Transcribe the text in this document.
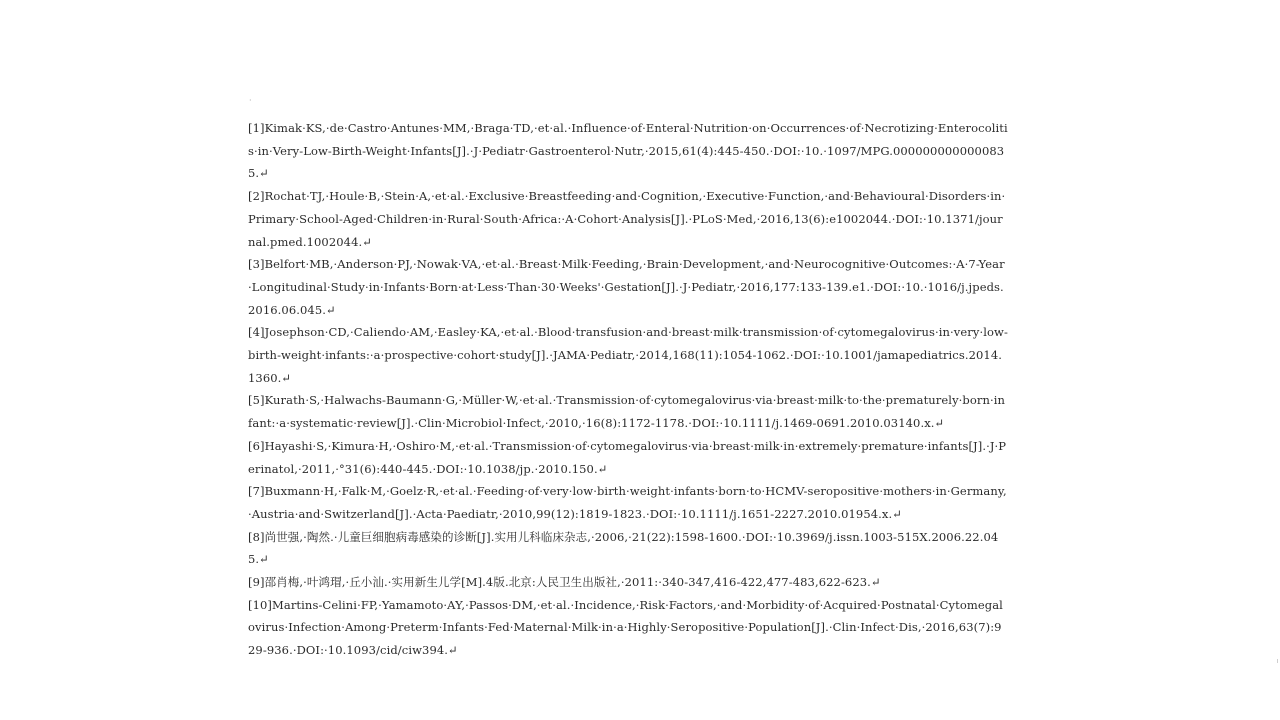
·
[1]Kimak·KS,·de·Castro·Antunes·MM,·Braga·TD,·et·al.·Influence·of·Enteral·Nutrition·on·Occurrences·of·Necrotizing·Enterocolitis·in·Very-Low-Birth-Weight·Infants[J].·J·Pediatr·Gastroenterol·Nutr,·2015,61(4):445-450.·DOI:·10.·1097/MPG.0000000000000835.↵
[2]Rochat·TJ,·Houle·B,·Stein·A,·et·al.·Exclusive·Breastfeeding·and·Cognition,·Executive·Function,·and·Behavioural·Disorders·in·Primary·School-Aged·Children·in·Rural·South·Africa:·A·Cohort·Analysis[J].·PLoS·Med,·2016,13(6):e1002044.·DOI:·10.1371/journal.pmed.1002044.↵
[3]Belfort·MB,·Anderson·PJ,·Nowak·VA,·et·al.·Breast·Milk·Feeding,·Brain·Development,·and·Neurocognitive·Outcomes:·A·7-Year·Longitudinal·Study·in·Infants·Born·at·Less·Than·30·Weeks'·Gestation[J].·J·Pediatr,·2016,177:133-139.e1.·DOI:·10.·1016/j.jpeds.2016.06.045.↵
[4]Josephson·CD,·Caliendo·AM,·Easley·KA,·et·al.·Blood·transfusion·and·breast·milk·transmission·of·cytomegalovirus·in·very·low-birth-weight·infants:·a·prospective·cohort·study[J].·JAMA·Pediatr,·2014,168(11):1054-1062.·DOI:·10.1001/jamapediatrics.2014.1360.↵
[5]Kurath·S,·Halwachs-Baumann·G,·Müller·W,·et·al.·Transmission·of·cytomegalovirus·via·breast·milk·to·the·prematurely·born·infant:·a·systematic·review[J].·Clin·Microbiol·Infect,·2010,·16(8):1172-1178.·DOI:·10.1111/j.1469-0691.2010.03140.x.↵
[6]Hayashi·S,·Kimura·H,·Oshiro·M,·et·al.·Transmission·of·cytomegalovirus·via·breast·milk·in·extremely·premature·infants[J].·J·Perinatol,·2011,·°31(6):440-445.·DOI:·10.1038/jp.·2010.150.↵
[7]Buxmann·H,·Falk·M,·Goelz·R,·et·al.·Feeding·of·very·low·birth·weight·infants·born·to·HCMV-seropositive·mothers·in·Germany,·Austria·and·Switzerland[J].·Acta·Paediatr,·2010,99(12):1819-1823.·DOI:·10.1111/j.1651-2227.2010.01954.x.↵
[8]尚世强,·陶然.·儿童巨细胞病毒感染的诊断[J].实用儿科临床杂志,·2006,·21(22):1598-1600.·DOI:·10.3969/j.issn.1003-515X.2006.22.045.↵
[9]邵肖梅,·叶鸿瑁,·丘小汕.·实用新生儿学[M].4版.北京:人民卫生出版社,·2011:·340-347,416-422,477-483,622-623.↵
[10]Martins-Celini·FP,·Yamamoto·AY,·Passos·DM,·et·al.·Incidence,·Risk·Factors,·and·Morbidity·of·Acquired·Postnatal·Cytomegalovirus·Infection·Among·Preterm·Infants·Fed·Maternal·Milk·in·a·Highly·Seropositive·Population[J].·Clin·Infect·Dis,·2016,63(7):929-936.·DOI:·10.1093/cid/ciw394.↵
